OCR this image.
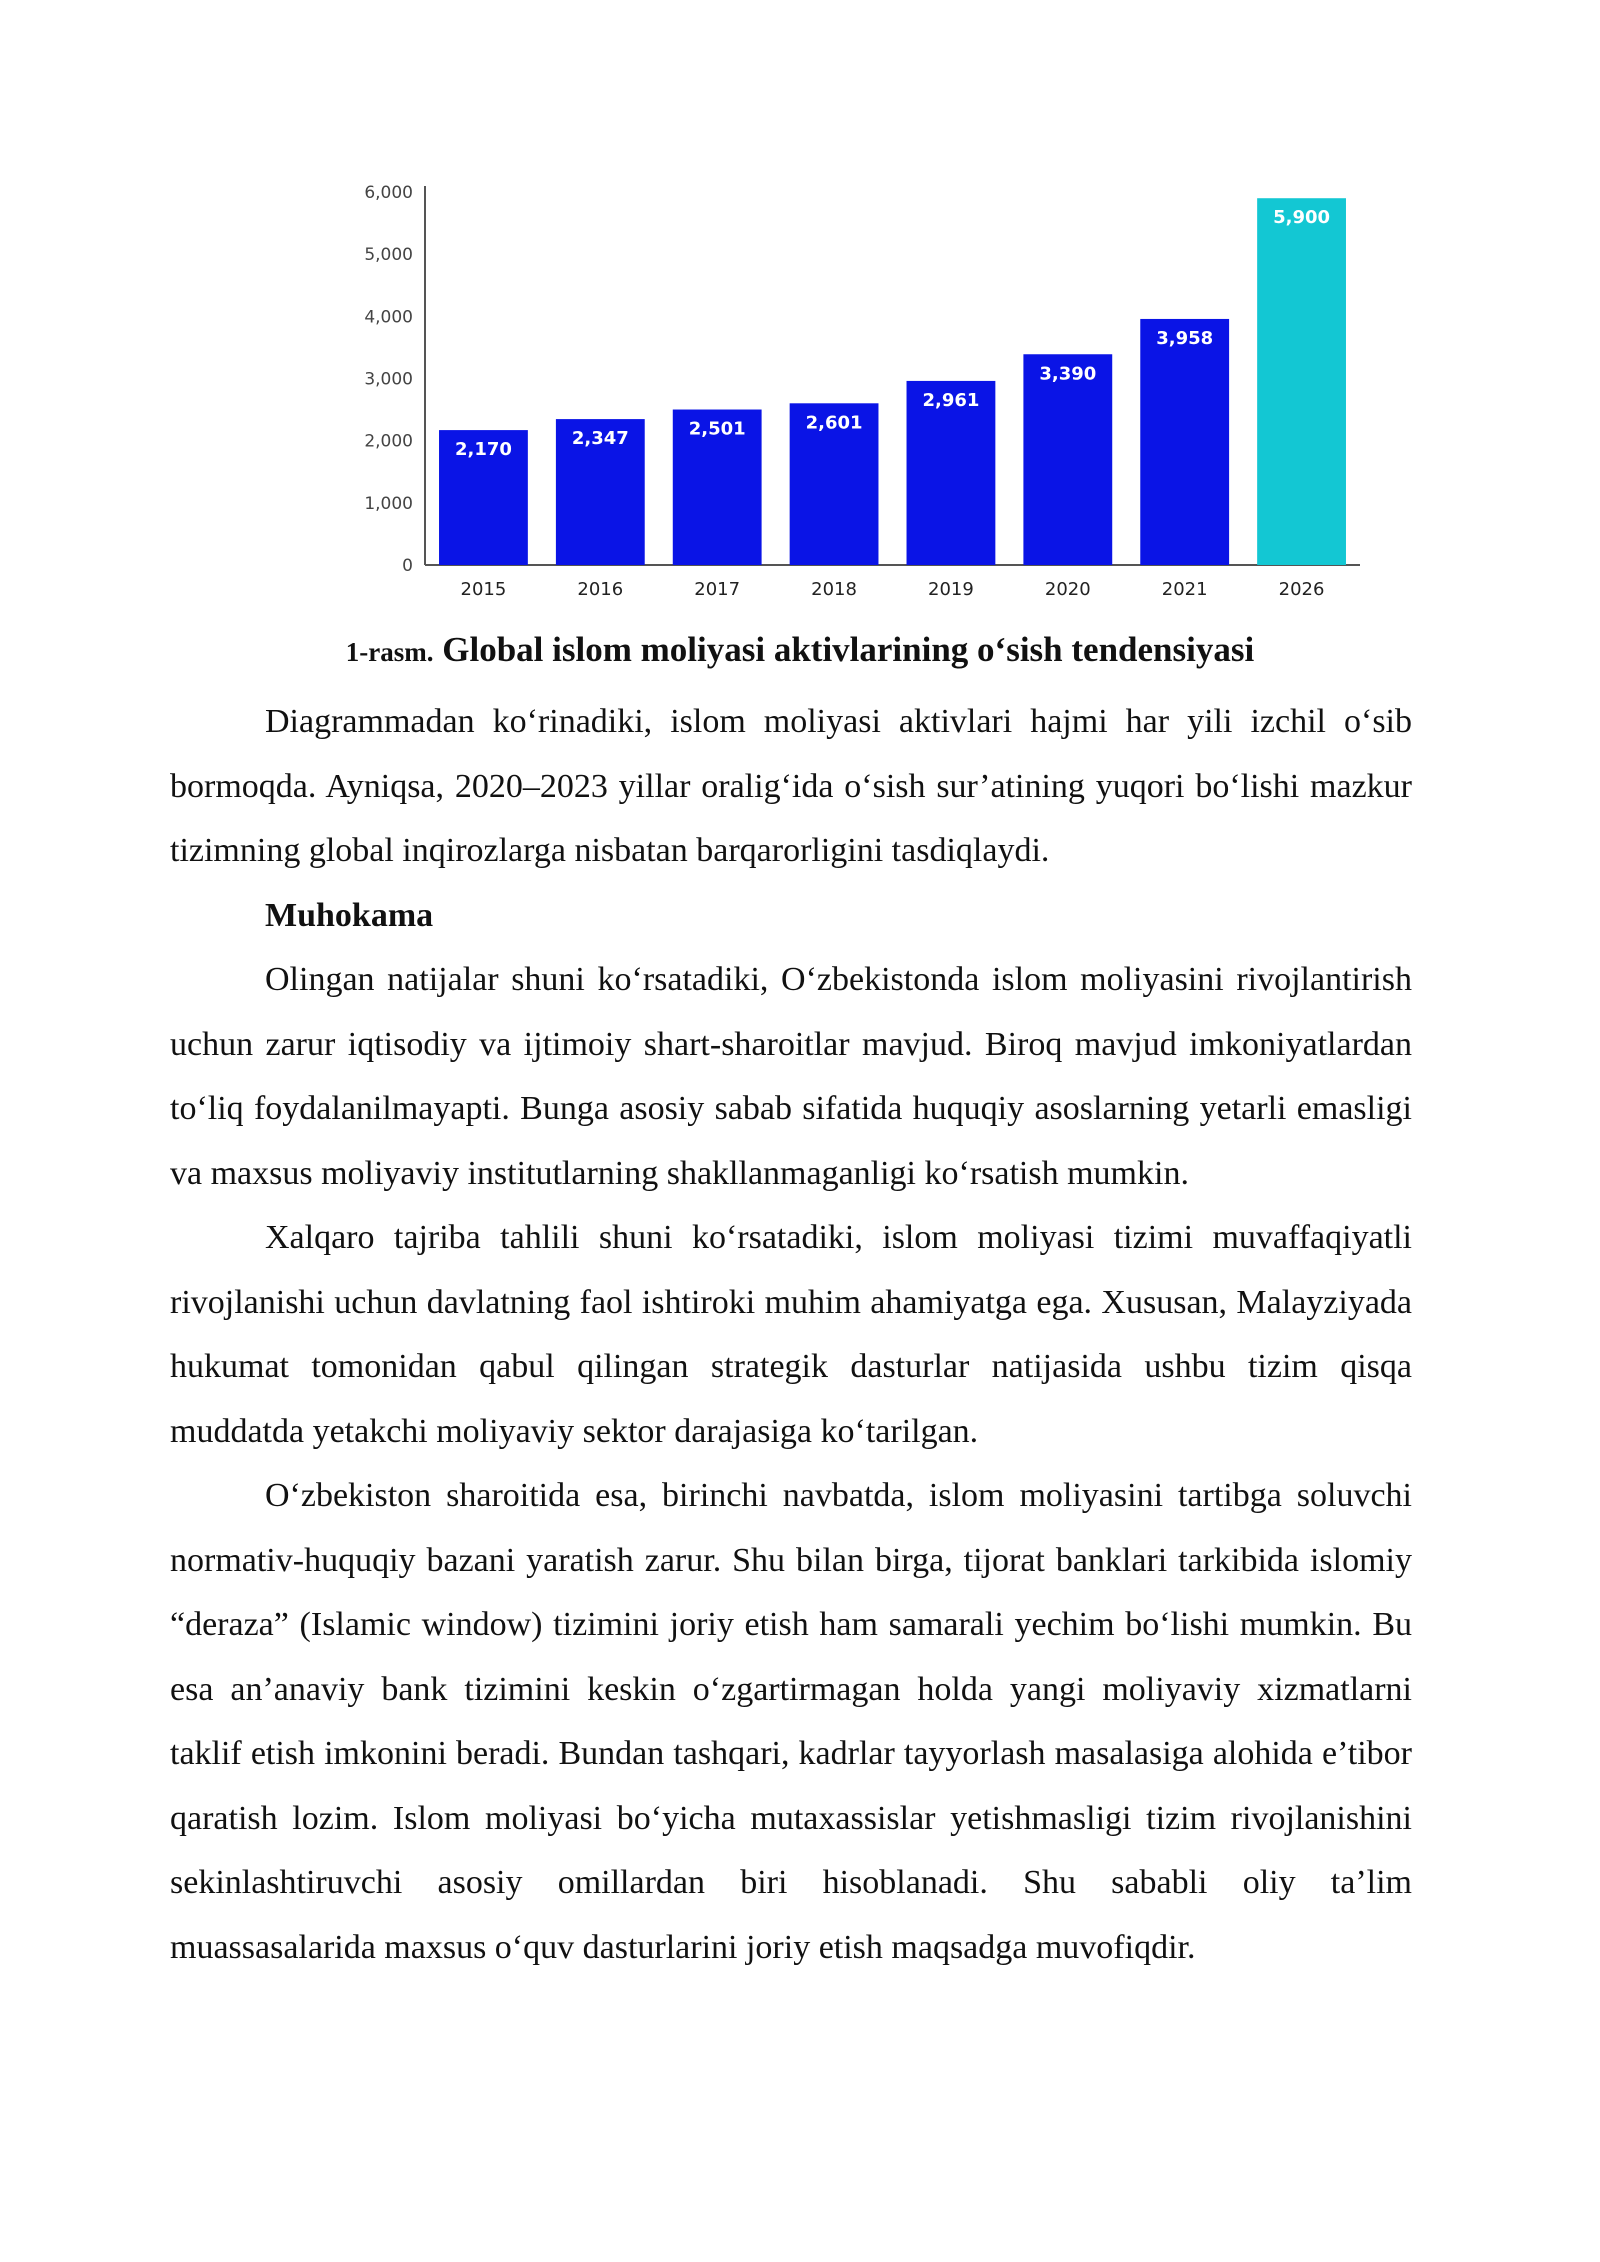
0
1,000
2,000
3,000
4,000
5,000
6,000
2,170
2015
2,347
2016
2,501
2017
2,601
2018
2,961
2019
3,390
2020
3,958
2021
5,900
2026
1-rasm. Global islom moliyasi aktivlarining o‘sish tendensiyasi

Diagrammadan ko‘rinadiki, islom moliyasi aktivlari hajmi har yili izchil o‘sib bormoqda. Ayniqsa, 2020–2023 yillar oralig‘ida o‘sish sur’atining yuqori bo‘lishi mazkur tizimning global inqirozlarga nisbatan barqarorligini tasdiqlaydi.

Muhokama

Olingan natijalar shuni ko‘rsatadiki, O‘zbekistonda islom moliyasini rivojlantirish uchun zarur iqtisodiy va ijtimoiy shart-sharoitlar mavjud. Biroq mavjud imkoniyatlardan to‘liq foydalanilmayapti. Bunga asosiy sabab sifatida huquqiy asoslarning yetarli emasligi va maxsus moliyaviy institutlarning shakllanmaganligi ko‘rsatish mumkin.

Xalqaro tajriba tahlili shuni ko‘rsatadiki, islom moliyasi tizimi muvaffaqiyatli rivojlanishi uchun davlatning faol ishtiroki muhim ahamiyatga ega. Xususan, Malayziyada hukumat tomonidan qabul qilingan strategik dasturlar natijasida ushbu tizim qisqa muddatda yetakchi moliyaviy sektor darajasiga ko‘tarilgan.

O‘zbekiston sharoitida esa, birinchi navbatda, islom moliyasini tartibga soluvchi normativ-huquqiy bazani yaratish zarur. Shu bilan birga, tijorat banklari tarkibida islomiy “deraza” (Islamic window) tizimini joriy etish ham samarali yechim bo‘lishi mumkin. Bu esa an’anaviy bank tizimini keskin o‘zgartirmagan holda yangi moliyaviy xizmatlarni taklif etish imkonini beradi. Bundan tashqari, kadrlar tayyorlash masalasiga alohida e’tibor qaratish lozim. Islom moliyasi bo‘yicha mutaxassislar yetishmasligi tizim rivojlanishini sekinlashtiruvchi asosiy omillardan biri hisoblanadi. Shu sababli oliy ta’lim muassasalarida maxsus o‘quv dasturlarini joriy etish maqsadga muvofiqdir.
